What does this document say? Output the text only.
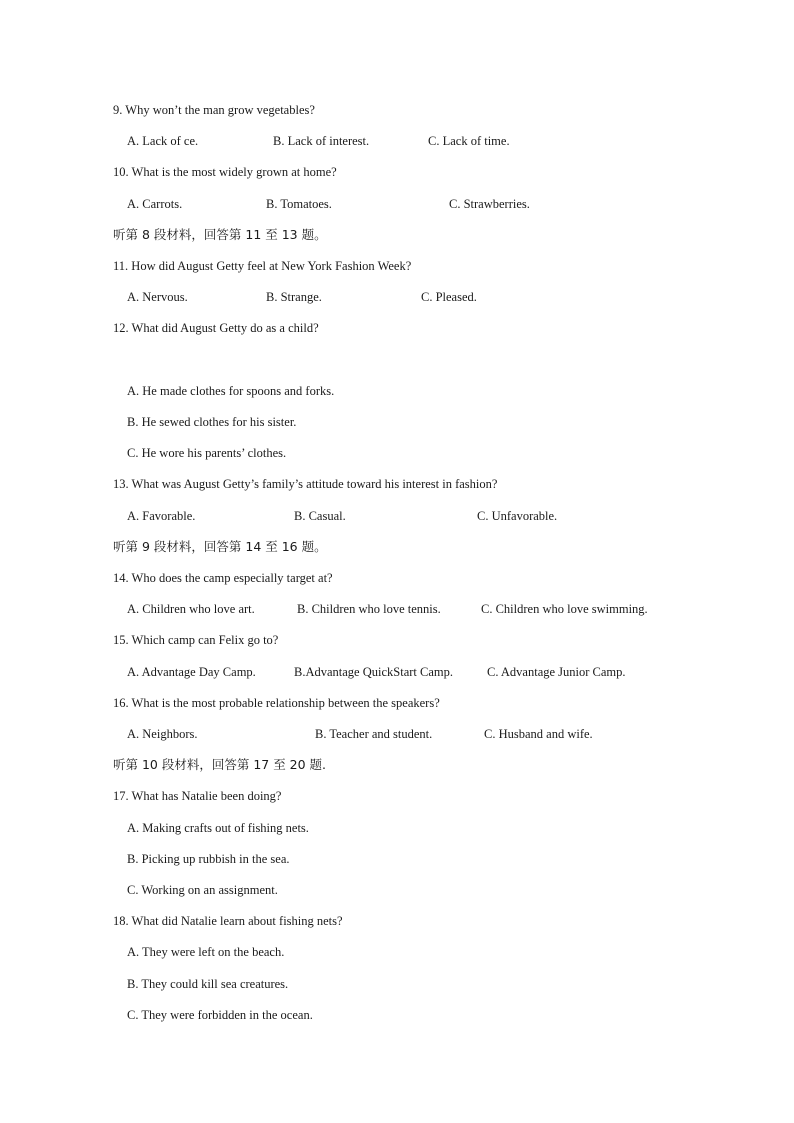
9. Why won’t the man grow vegetables?

A. Lack of ce.

	B. Lack of interest.

	C. Lack of time.

10. What is the most widely grown at home?

A. Carrots.

	B. Tomatoes.

	C. Strawberries.

听第 8 段材料，回答第 11 至 13 题。
11. How did August Getty feel at New York Fashion Week?

A. Nervous.

	B. Strange.

	C. Pleased.

12. What did August Getty do as a child?
A. He made clothes for spoons and forks.
B. He sewed clothes for his sister.
C. He wore his parents’ clothes.
13. What was August Getty’s family’s attitude toward his interest in fashion?

A. Favorable.

	B. Casual.

	C. Unfavorable.

听第 9 段材料，回答第 14 至 16 题。
14. Who does the camp especially target at?

A. Children who love art.

	B. Children who love tennis.

	C. Children who love swimming.

15. Which camp can Felix go to?

A. Advantage Day Camp.

	B.Advantage QuickStart Camp.

	C. Advantage Junior Camp.

16. What is the most probable relationship between the speakers?

A. Neighbors.

	B. Teacher and student.

	C. Husband and wife.

听第 10 段材料，回答第 17 至 20 题.
17. What has Natalie been doing?
A. Making crafts out of fishing nets.
B. Picking up rubbish in the sea.
C. Working on an assignment.
18. What did Natalie learn about fishing nets?
A. They were left on the beach.
B. They could kill sea creatures.
C. They were forbidden in the ocean.
